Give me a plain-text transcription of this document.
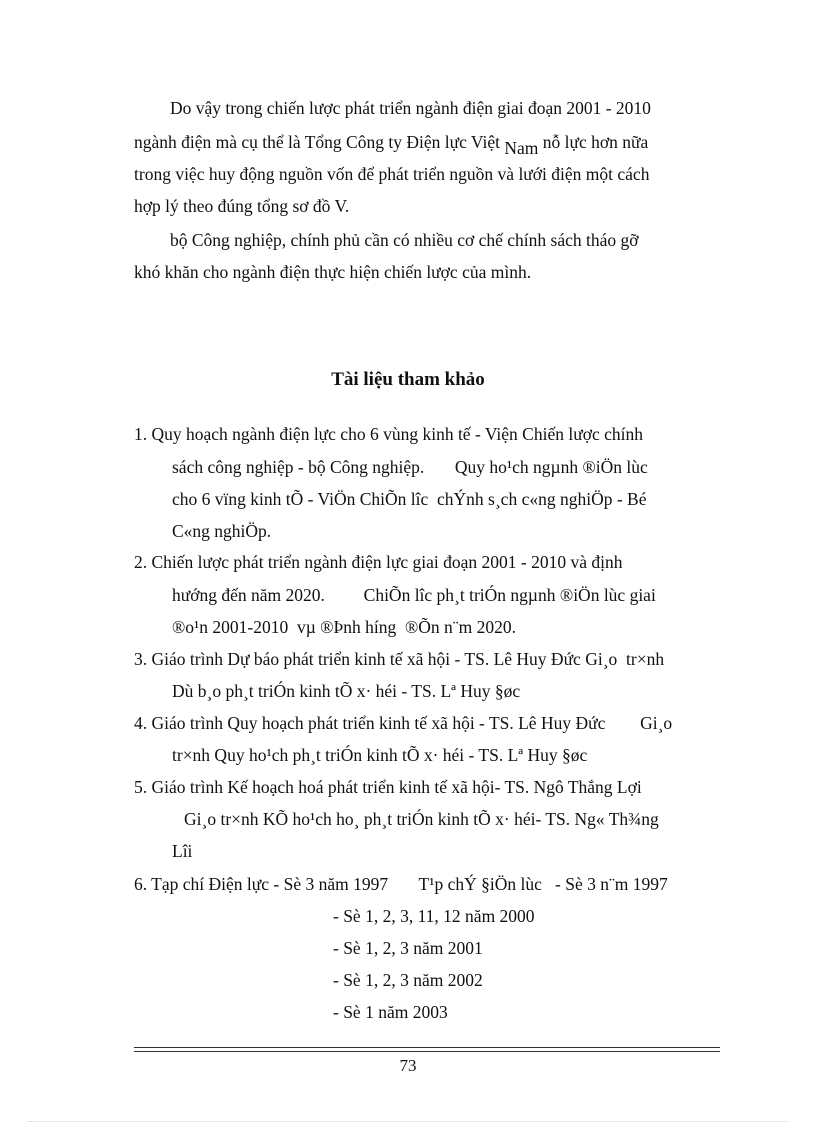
Do vậy trong chiến lược phát triển ngành điện giai đoạn 2001 - 2010
ngành điện mà cụ thể là Tổng Công ty Điện lực Việt Nam nỗ lực hơn nữa
trong việc huy động nguồn vốn để phát triển nguồn và lưới điện một cách
hợp lý theo đúng tổng sơ đồ V.
bộ Công nghiệp, chính phủ cần có nhiều cơ chế chính sách tháo gỡ
khó khăn cho ngành điện thực hiện chiến lược của mình.
Tài liệu tham khảo
1. Quy hoạch ngành điện lực cho 6 vùng kinh tế - Viện Chiến lược chính
sách công nghiệp - bộ Công nghiệp.       Quy ho¹ch ngµnh ®iÖn lùc
cho 6 vïng kinh tÕ - ViÖn ChiÕn lîc  chÝnh s¸ch c«ng nghiÖp - Bé
C«ng nghiÖp.
2. Chiến lược phát triển ngành điện lực giai đoạn 2001 - 2010 và định
hướng đến năm 2020. ChiÕn lîc ph¸t triÓn ngµnh ®iÖn lùc giai
®o¹n 2001-2010  vµ ®Þnh híng  ®Õn n¨m 2020.
3. Giáo trình Dự báo phát triển kinh tế xã hội - TS. Lê Huy Đức Gi¸o  tr×nh
Dù b¸o ph¸t triÓn kinh tÕ x· héi - TS. Lª Huy §øc
4. Giáo trình Quy hoạch phát triển kinh tế xã hội - TS. Lê Huy Đức Gi¸o
tr×nh Quy ho¹ch ph¸t triÓn kinh tÕ x· héi - TS. Lª Huy §øc
5. Giáo trình Kế hoạch hoá phát triển kinh tế xã hội- TS. Ngô Thắng Lợi
Gi¸o tr×nh KÕ ho¹ch ho¸ ph¸t triÓn kinh tÕ x· héi- TS. Ng« Th¾ng
Lîi
6. Tạp chí Điện lực - Sè 3 năm 1997 T¹p chÝ §iÖn lùc   - Sè 3 n¨m 1997
- Sè 1, 2, 3, 11, 12 năm 2000
- Sè 1, 2, 3 năm 2001
- Sè 1, 2, 3 năm 2002
- Sè 1 năm 2003
73
